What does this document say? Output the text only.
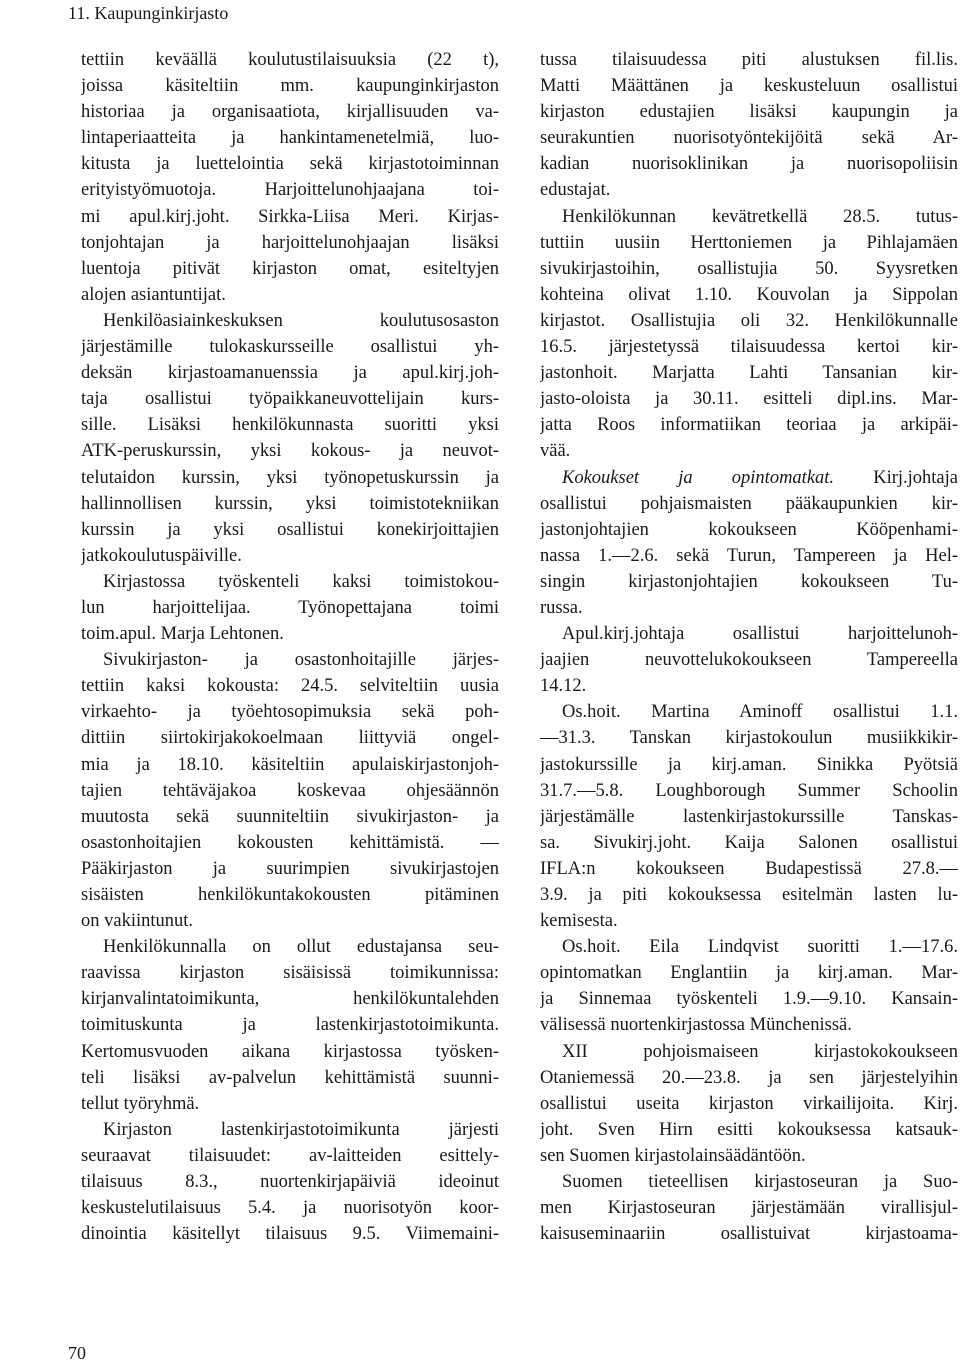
11. Kaupunginkirjasto
tettiin keväällä koulutustilaisuuksia (22 t),
joissa käsiteltiin mm. kaupunginkirjaston
historiaa ja organisaatiota, kirjallisuuden va-
lintaperiaatteita ja hankintamenetelmiä, luo-
kitusta ja luettelointia sekä kirjastotoiminnan
erityistyömuotoja. Harjoittelunohjaajana toi-
mi apul.kirj.joht. Sirkka-Liisa Meri. Kirjas-
tonjohtajan ja harjoittelunohjaajan lisäksi
luentoja pitivät kirjaston omat, esiteltyjen
alojen asiantuntijat.
Henkilöasiainkeskuksen koulutusosaston
järjestämille tulokaskursseille osallistui yh-
deksän kirjastoamanuenssia ja apul.kirj.joh-
taja osallistui työpaikkaneuvottelijain kurs-
sille. Lisäksi henkilökunnasta suoritti yksi
ATK-peruskurssin, yksi kokous- ja neuvot-
telutaidon kurssin, yksi työnopetuskurssin ja
hallinnollisen kurssin, yksi toimistotekniikan
kurssin ja yksi osallistui konekirjoittajien
jatkokoulutuspäiville.
Kirjastossa työskenteli kaksi toimistokou-
lun harjoittelijaa. Työnopettajana toimi
toim.apul. Marja Lehtonen.
Sivukirjaston- ja osastonhoitajille järjes-
tettiin kaksi kokousta: 24.5. selviteltiin uusia
virkaehto- ja työehtosopimuksia sekä poh-
dittiin siirtokirjakokoelmaan liittyviä ongel-
mia ja 18.10. käsiteltiin apulaiskirjastonjoh-
tajien tehtäväjakoa koskevaa ohjesäännön
muutosta sekä suunniteltiin sivukirjaston- ja
osastonhoitajien kokousten kehittämistä. —
Pääkirjaston ja suurimpien sivukirjastojen
sisäisten henkilökuntakokousten pitäminen
on vakiintunut.
Henkilökunnalla on ollut edustajansa seu-
raavissa kirjaston sisäisissä toimikunnissa:
kirjanvalintatoimikunta, henkilökuntalehden
toimituskunta ja lastenkirjastotoimikunta.
Kertomusvuoden aikana kirjastossa työsken-
teli lisäksi av-palvelun kehittämistä suunni-
tellut työryhmä.
Kirjaston lastenkirjastotoimikunta järjesti
seuraavat tilaisuudet: av-laitteiden esittely-
tilaisuus 8.3., nuortenkirjapäiviä ideoinut
keskustelutilaisuus 5.4. ja nuorisotyön koor-
dinointia käsitellyt tilaisuus 9.5. Viimemaini-
tussa tilaisuudessa piti alustuksen fil.lis.
Matti Määttänen ja keskusteluun osallistui
kirjaston edustajien lisäksi kaupungin ja
seurakuntien nuorisotyöntekijöitä sekä Ar-
kadian nuorisoklinikan ja nuorisopoliisin
edustajat.
Henkilökunnan kevätretkellä 28.5. tutus-
tuttiin uusiin Herttoniemen ja Pihlajamäen
sivukirjastoihin, osallistujia 50. Syysretken
kohteina olivat 1.10. Kouvolan ja Sippolan
kirjastot. Osallistujia oli 32. Henkilökunnalle
16.5. järjestetyssä tilaisuudessa kertoi kir-
jastonhoit. Marjatta Lahti Tansanian kir-
jasto-oloista ja 30.11. esitteli dipl.ins. Mar-
jatta Roos informatiikan teoriaa ja arkipäi-
vää.
Kokoukset ja opintomatkat. Kirj.johtaja
osallistui pohjaismaisten pääkaupunkien kir-
jastonjohtajien kokoukseen Kööpenhami-
nassa 1.—2.6. sekä Turun, Tampereen ja Hel-
singin kirjastonjohtajien kokoukseen Tu-
russa.
Apul.kirj.johtaja osallistui harjoittelunoh-
jaajien neuvottelukokoukseen Tampereella
14.12.
Os.hoit. Martina Aminoff osallistui 1.1.
—31.3. Tanskan kirjastokoulun musiikkikir-
jastokurssille ja kirj.aman. Sinikka Pyötsiä
31.7.—5.8. Loughborough Summer Schoolin
järjestämälle lastenkirjastokurssille Tanskas-
sa. Sivukirj.joht. Kaija Salonen osallistui
IFLA:n kokoukseen Budapestissä 27.8.—
3.9. ja piti kokouksessa esitelmän lasten lu-
kemisesta.
Os.hoit. Eila Lindqvist suoritti 1.—17.6.
opintomatkan Englantiin ja kirj.aman. Mar-
ja Sinnemaa työskenteli 1.9.—9.10. Kansain-
välisessä nuortenkirjastossa Münchenissä.
XII pohjoismaiseen kirjastokokoukseen
Otaniemessä 20.—23.8. ja sen järjestelyihin
osallistui useita kirjaston virkailijoita. Kirj.
joht. Sven Hirn esitti kokouksessa katsauk-
sen Suomen kirjastolainsäädäntöön.
Suomen tieteellisen kirjastoseuran ja Suo-
men Kirjastoseuran järjestämään virallisjul-
kaisuseminaariin osallistuivat kirjastoama-
70
